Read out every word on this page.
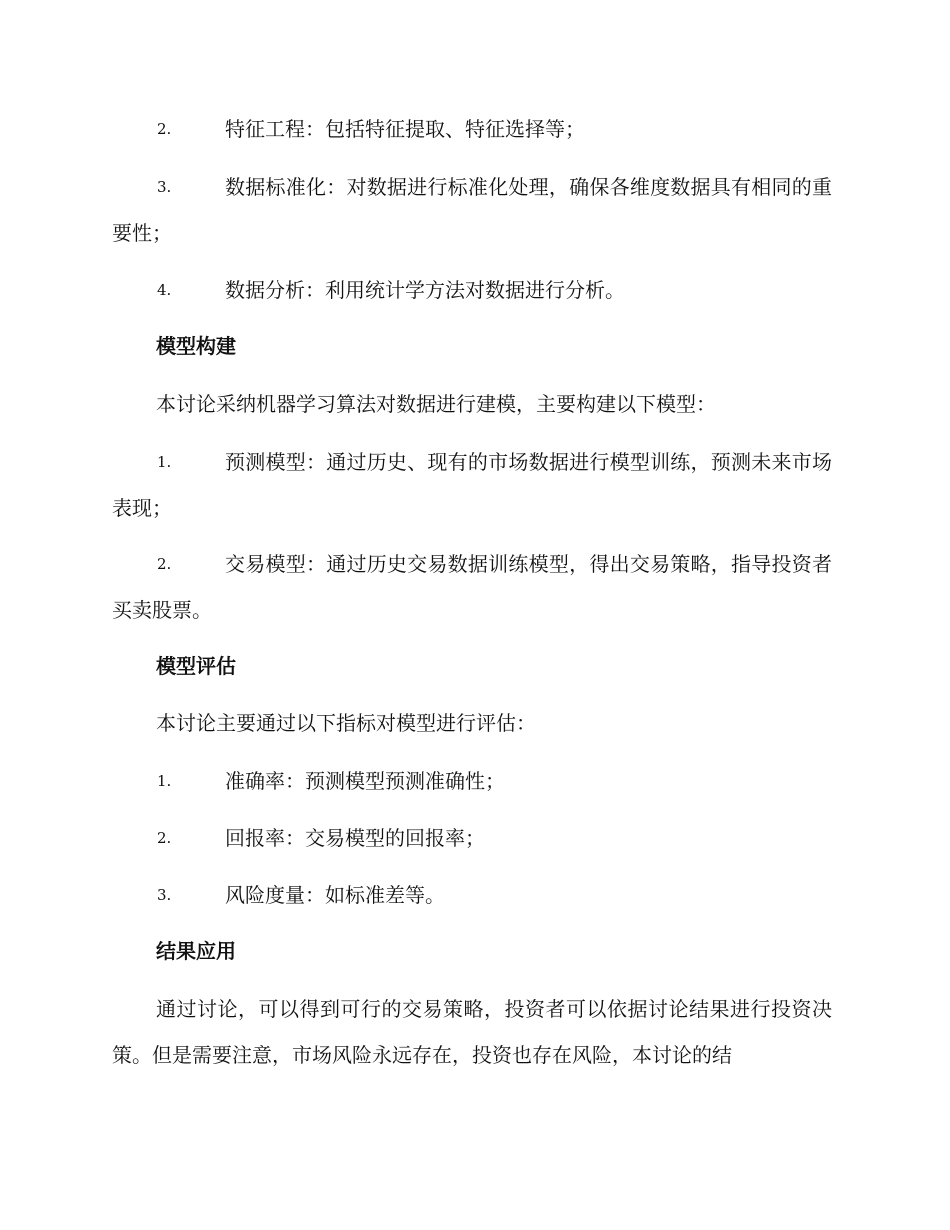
2.	特征工程：包括特征提取、特征选择等；
3.	数据标准化：对数据进行标准化处理，确保各维度数据具有相同的重要性；
4.	数据分析：利用统计学方法对数据进行分析。
模型构建
本讨论采纳机器学习算法对数据进行建模，主要构建以下模型：
1.	预测模型：通过历史、现有的市场数据进行模型训练，预测未来市场表现；
2.	交易模型：通过历史交易数据训练模型，得出交易策略，指导投资者买卖股票。
模型评估
本讨论主要通过以下指标对模型进行评估：
1.	准确率：预测模型预测准确性；
2.	回报率：交易模型的回报率；
3.	风险度量：如标准差等。
结果应用
通过讨论，可以得到可行的交易策略，投资者可以依据讨论结果进行投资决策。但是需要注意，市场风险永远存在，投资也存在风险，本讨论的结
